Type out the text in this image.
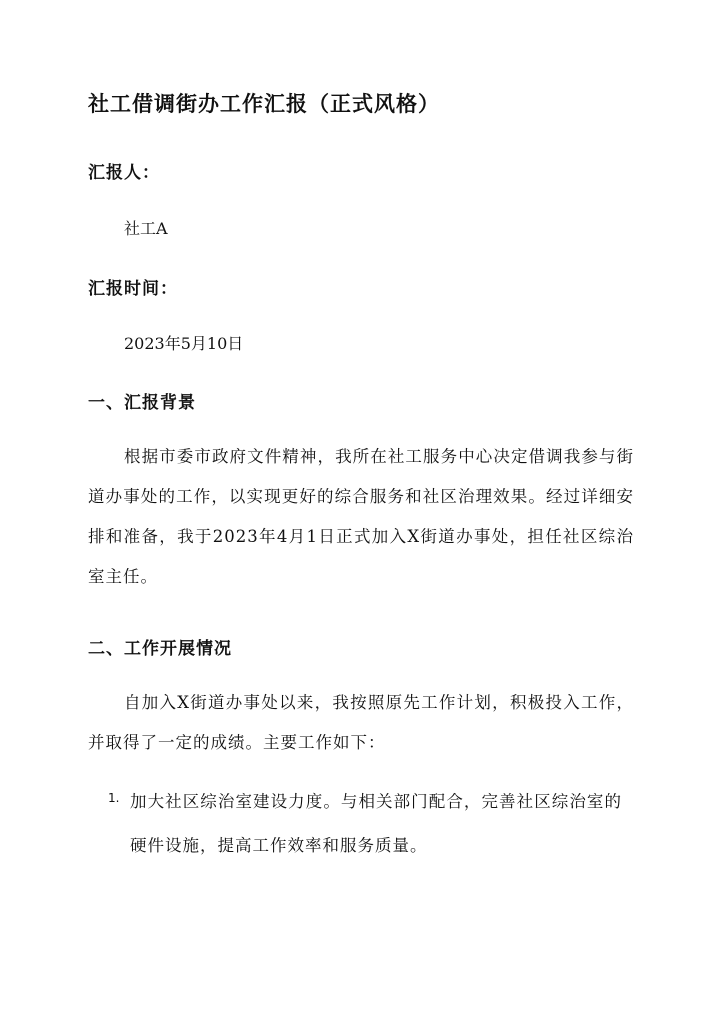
社工借调街办工作汇报（正式风格）
汇报人：
社工A
汇报时间：
2023年5月10日
一、汇报背景

根据市委市政府文件精神，我所在社工服务中心决定借调我参与街道办事处的工作，以实现更好的综合服务和社区治理效果。经过详细安排和准备，我于2023年4月1日正式加入X街道办事处，担任社区综治室主任。

二、工作开展情况

自加入X街道办事处以来，我按照原先工作计划，积极投入工作，并取得了一定的成绩。主要工作如下：

1. 加大社区综治室建设力度。与相关部门配合，完善社区综治室的硬件设施，提高工作效率和服务质量。
